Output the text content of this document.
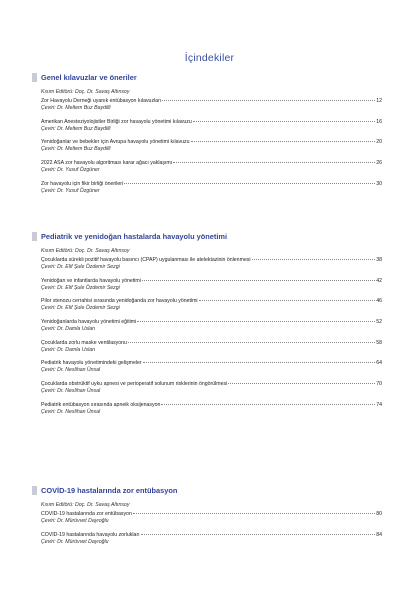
İçindekiler
Genel kılavuzlar ve öneriler
Kısım Editörü: Doç. Dr. Savaş Altınsoy
Zor Havayolu Derneği uyanık entübasyon kılavuzları	12
Çeviri: Dr. Meltem Buz Baydilli
Amerikan Anesteziyolojistler Birliği zor havayolu yönetimi kılavuzu	16
Çeviri: Dr. Meltem Buz Baydilli
Yenidoğanlar ve bebekler için Avrupa havayolu yönetimi kılavuzu	20
Çeviri: Dr. Meltem Buz Baydilli
2022 ASA zor havayolu algoritması karar ağacı yaklaşımı	26
Çeviri: Dr. Yusuf Özgüner
Zor havayolu için fikir birliği önerileri	30
Çeviri: Dr. Yusuf Özgüner
Pediatrik ve yenidoğan hastalarda havayolu yönetimi
Kısım Editörü: Doç. Dr. Savaş Altınsoy
Çocuklarda sürekli pozitif havayolu basıncı (CPAP) uygulanması ile atelektazinin önlenmesi	38
Çeviri: Dr. Elif Şule Özdemir Sezgi
Yenidoğan ve infantlarda havayolu yönetimi	42
Çeviri: Dr. Elif Şule Özdemir Sezgi
Pilor stenozu cerrahisi sırasında yenidoğanda zor havayolu yönetimi	46
Çeviri: Dr. Elif Şule Özdemir Sezgi
Yenidoğanlarda havayolu yönetimi eğitimi	52
Çeviri: Dr. Damla Uslan
Çocuklarda zorlu maske ventilasyonu	58
Çeviri: Dr. Damla Uslan
Pediatrik havayolu yönetimindeki gelişmeler	64
Çeviri: Dr. Neslihan Ünsal
Çocuklarda obstrüktif uyku apnesi ve perioperatif solunum risklerinin öngörülmesi	70
Çeviri: Dr. Neslihan Ünsal
Pediatrik entübasyon sırasında apneik oksijenasyon	74
Çeviri: Dr. Neslihan Ünsal
COVİD-19 hastalarında zor entübasyon
Kısım Editörü: Doç. Dr. Savaş Altınsoy
COVID-19 hastalarında zor entübasyon	80
Çeviri: Dr. Mürüvvet Dayıoğlu
COVID-19 hastalarında havayolu zorlukları	84
Çeviri: Dr. Mürüvvet Dayıoğlu
